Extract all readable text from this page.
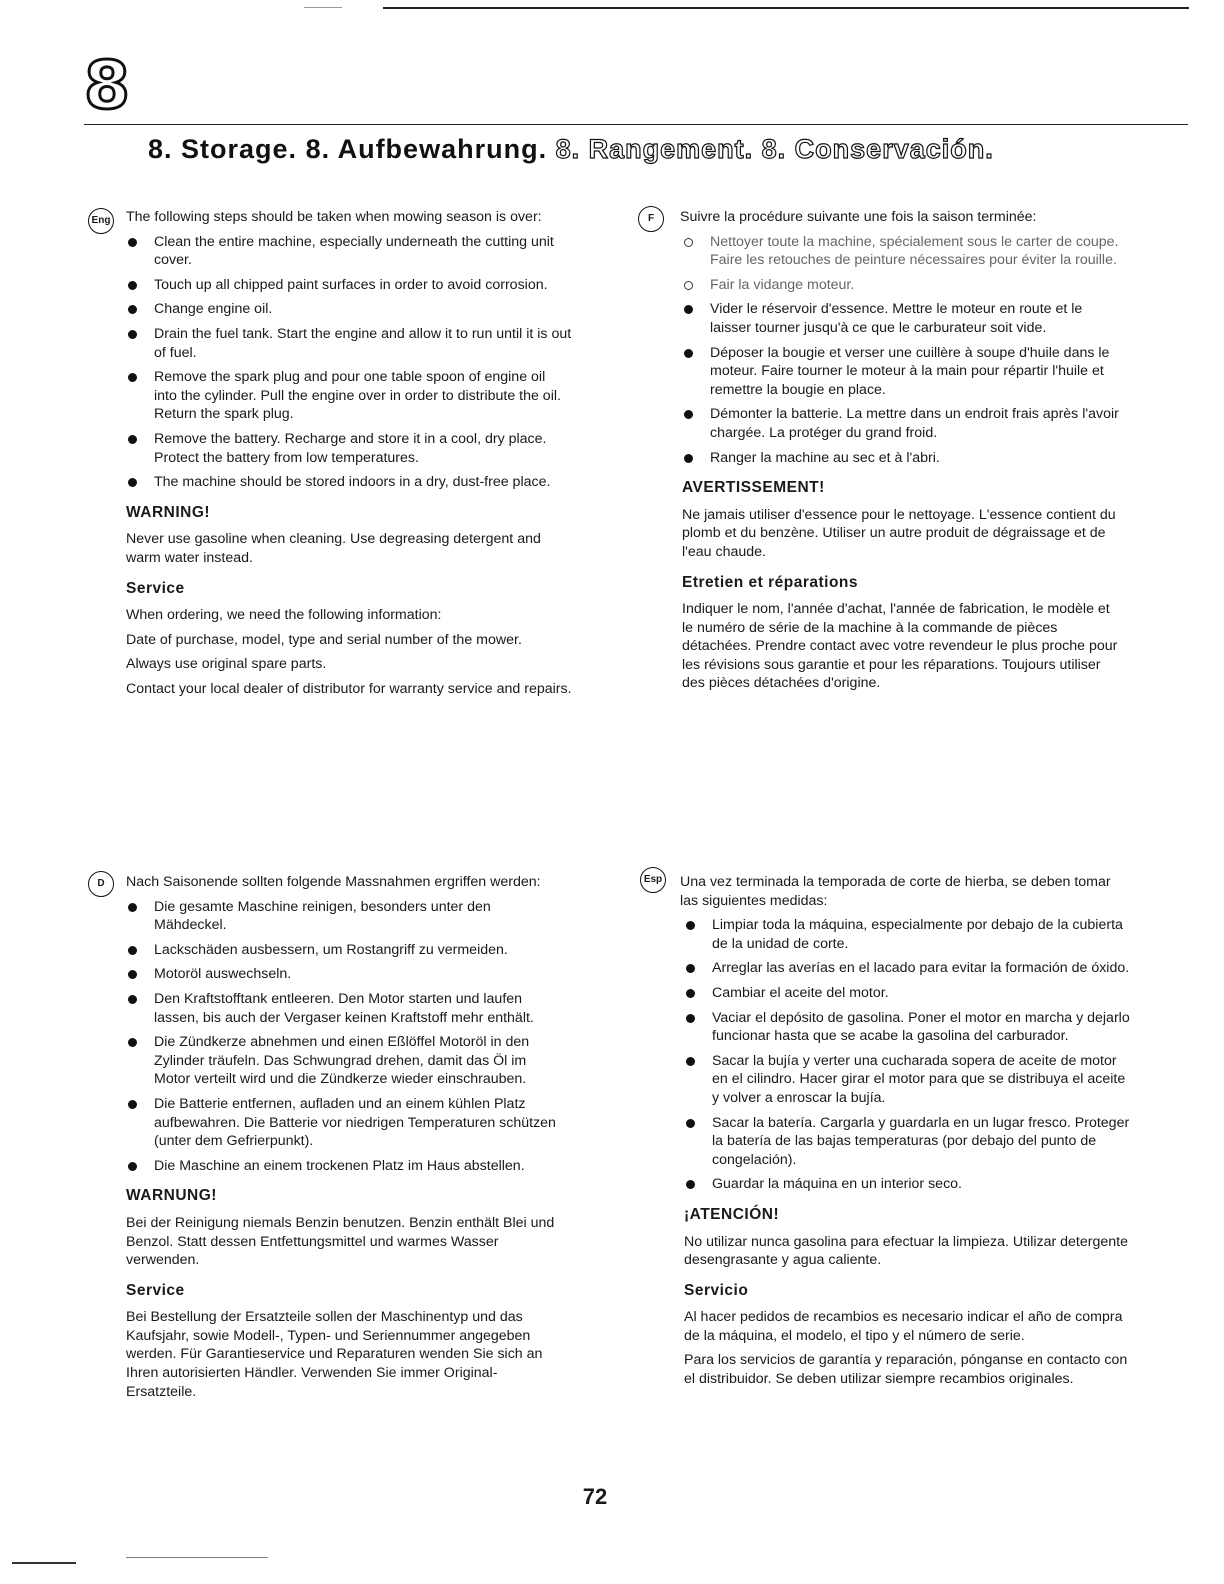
8
8. Storage. 8. Aufbewahrung. 8. Rangement. 8. Conservación.
Eng	The following steps should be taken when mowing season is over:

Clean the entire machine, especially underneath the cutting unit cover.
Touch up all chipped paint surfaces in order to avoid corrosion.
Change engine oil.
Drain the fuel tank. Start the engine and allow it to run until it is out of fuel.
Remove the spark plug and pour one table spoon of engine oil into the cylinder. Pull the engine over in order to distribute the oil. Return the spark plug.
Remove the battery. Recharge and store it in a cool, dry place. Protect the battery from low temperatures.
The machine should be stored indoors in a dry, dust-free place.
WARNING!

Never use gasoline when cleaning. Use degreasing detergent and warm water instead.

Service

When ordering, we need the following information:

Date of purchase, model, type and serial number of the mower.

Always use original spare parts.

Contact your local dealer of distributor for warranty service and repairs.

F	Suivre la procédure suivante une fois la saison terminée:

Nettoyer toute la machine, spécialement sous le carter de coupe. Faire les retouches de peinture nécessaires pour éviter la rouille.
Fair la vidange moteur.
Vider le réservoir d'essence. Mettre le moteur en route et le laisser tourner jusqu'à ce que le carburateur soit vide.
Déposer la bougie et verser une cuillère à soupe d'huile dans le moteur. Faire tourner le moteur à la main pour répartir l'huile et remettre la bougie en place.
Démonter la batterie. La mettre dans un endroit frais après l'avoir chargée. La protéger du grand froid.
Ranger la machine au sec et à l'abri.
AVERTISSEMENT!

Ne jamais utiliser d'essence pour le nettoyage. L'essence contient du plomb et du benzène. Utiliser un autre produit de dégraissage et de l'eau chaude.

Etretien et réparations

Indiquer le nom, l'année d'achat, l'année de fabrication, le modèle et le numéro de série de la machine à la commande de pièces détachées. Prendre contact avec votre revendeur le plus proche pour les révisions sous garantie et pour les réparations. Toujours utiliser des pièces détachées d'origine.

D	Nach Saisonende sollten folgende Massnahmen ergriffen werden:

Die gesamte Maschine reinigen, besonders unter den Mähdeckel.
Lackschäden ausbessern, um Rostangriff zu vermeiden.
Motoröl auswechseln.
Den Kraftstofftank entleeren. Den Motor starten und laufen lassen, bis auch der Vergaser keinen Kraftstoff mehr enthält.
Die Zündkerze abnehmen und einen Eßlöffel Motoröl in den Zylinder träufeln. Das Schwungrad drehen, damit das Öl im Motor verteilt wird und die Zündkerze wieder einschrauben.
Die Batterie entfernen, aufladen und an einem kühlen Platz aufbewahren. Die Batterie vor niedrigen Temperaturen schützen (unter dem Gefrierpunkt).
Die Maschine an einem trockenen Platz im Haus abstellen.
WARNUNG!

Bei der Reinigung niemals Benzin benutzen. Benzin enthält Blei und Benzol. Statt dessen Entfettungsmittel und warmes Wasser verwenden.

Service

Bei Bestellung der Ersatzteile sollen der Maschinentyp und das Kaufsjahr, sowie Modell-, Typen- und Seriennummer angegeben werden. Für Garantieservice und Reparaturen wenden Sie sich an Ihren autorisierten Händler. Verwenden Sie immer Original-Ersatzteile.

Esp	Una vez terminada la temporada de corte de hierba, se deben tomar las siguientes medidas:

Limpiar toda la máquina, especialmente por debajo de la cubierta de la unidad de corte.
Arreglar las averías en el lacado para evitar la formación de óxido.
Cambiar el aceite del motor.
Vaciar el depósito de gasolina. Poner el motor en marcha y dejarlo funcionar hasta que se acabe la gasolina del carburador.
Sacar la bujía y verter una cucharada sopera de aceite de motor en el cilindro. Hacer girar el motor para que se distribuya el aceite y volver a enroscar la bujía.
Sacar la batería. Cargarla y guardarla en un lugar fresco. Proteger la batería de las bajas temperaturas (por debajo del punto de congelación).
Guardar la máquina en un interior seco.
¡ATENCIÓN!

No utilizar nunca gasolina para efectuar la limpieza. Utilizar detergente desengrasante y agua caliente.

Servicio

Al hacer pedidos de recambios es necesario indicar el año de compra de la máquina, el modelo, el tipo y el número de serie.

Para los servicios de garantía y reparación, pónganse en contacto con el distribuidor. Se deben utilizar siempre recambios originales.

72
